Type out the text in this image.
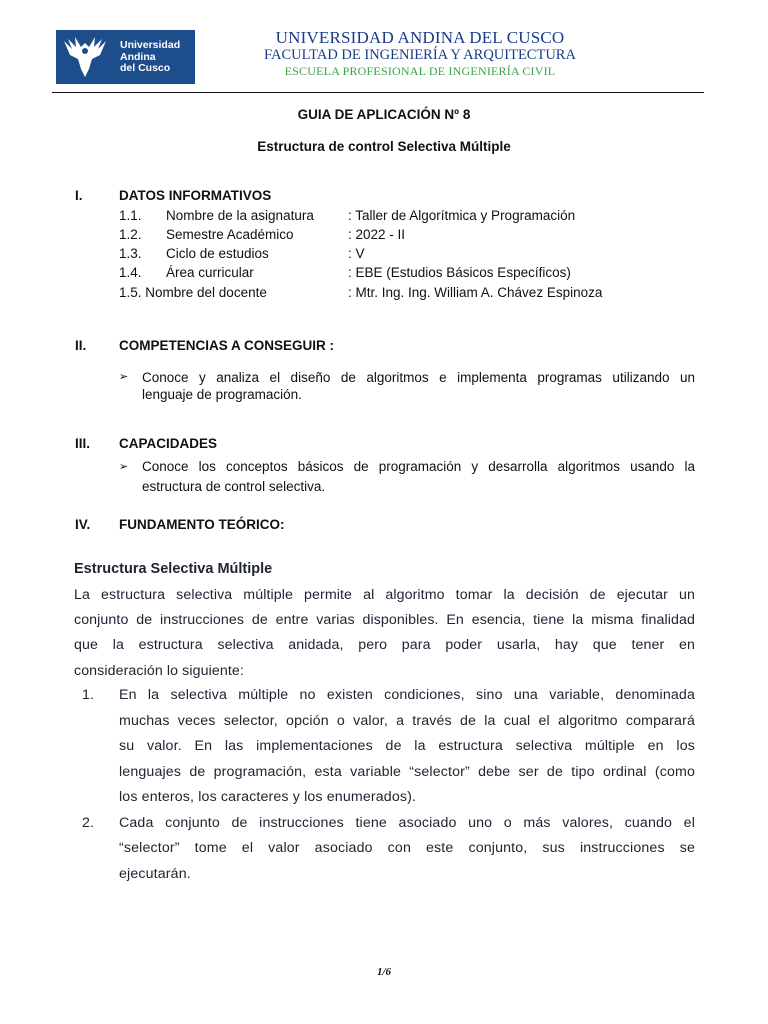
Universidad
Andina
del Cusco
UNIVERSIDAD ANDINA DEL CUSCO
FACULTAD DE INGENIERÍA Y ARQUITECTURA
ESCUELA PROFESIONAL DE INGENIERÍA CIVIL
GUIA DE APLICACIÓN Nº 8
Estructura de control Selectiva Múltiple
I.	DATOS INFORMATIVOS
1.1. Nombre de la asignatura	: Taller de Algorítmica y Programación
1.2. Semestre Académico	: 2022 - II
1.3. Ciclo de estudios	: V
1.4. Área curricular	: EBE (Estudios Básicos Específicos)
1.5. Nombre del docente	: Mtr. Ing. Ing. William A. Chávez Espinoza
II. COMPETENCIAS A CONSEGUIR :
➢ Conoce y analiza el diseño de algoritmos e implementa programas utilizando un
lenguaje de programación.
III. CAPACIDADES
➢ Conoce los conceptos básicos de programación y desarrolla algoritmos usando la
estructura de control selectiva.
IV. FUNDAMENTO TEÓRICO:
Estructura Selectiva Múltiple
La estructura selectiva múltiple permite al algoritmo tomar la decisión de ejecutar un
conjunto de instrucciones de entre varias disponibles. En esencia, tiene la misma finalidad
que la estructura selectiva anidada, pero para poder usarla, hay que tener en
consideración lo siguiente:
1. En la selectiva múltiple no existen condiciones, sino una variable, denominada
muchas veces selector, opción o valor, a través de la cual el algoritmo comparará
su valor. En las implementaciones de la estructura selectiva múltiple en los
lenguajes de programación, esta variable “selector” debe ser de tipo ordinal (como
los enteros, los caracteres y los enumerados).
2. Cada conjunto de instrucciones tiene asociado uno o más valores, cuando el
“selector” tome el valor asociado con este conjunto, sus instrucciones se
ejecutarán.
1/6
